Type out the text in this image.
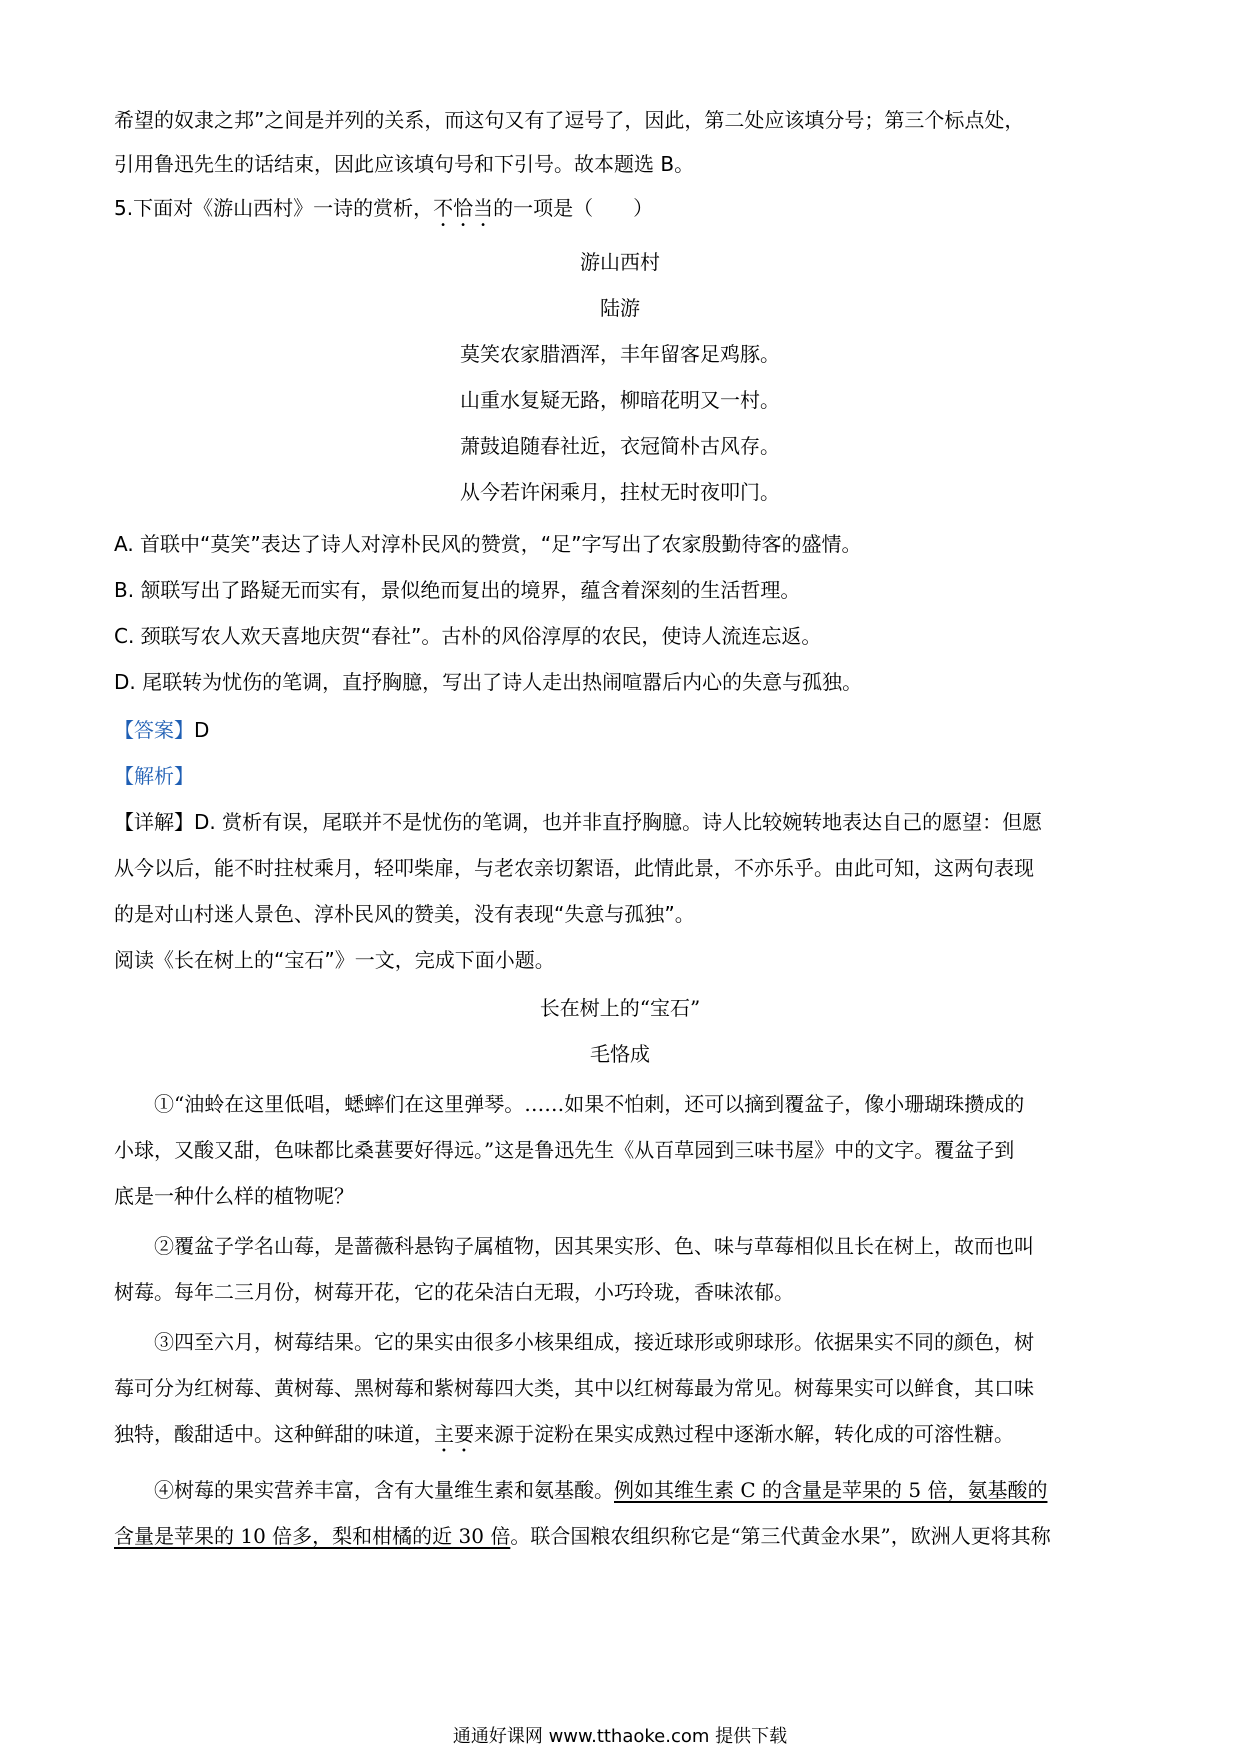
希望的奴隶之邦”之间是并列的关系，而这句又有了逗号了，因此，第二处应该填分号；第三个标点处，
引用鲁迅先生的话结束，因此应该填句号和下引号。故本题选 B。
5.下面对《游山西村》一诗的赏析，不恰当的一项是（　　）
游山西村
陆游
莫笑农家腊酒浑，丰年留客足鸡豚。
山重水复疑无路，柳暗花明又一村。
萧鼓追随春社近，衣冠简朴古风存。
从今若许闲乘月，拄杖无时夜叩门。
A. 首联中“莫笑”表达了诗人对淳朴民风的赞赏，“足”字写出了农家殷勤待客的盛情。
B. 颔联写出了路疑无而实有，景似绝而复出的境界，蕴含着深刻的生活哲理。
C. 颈联写农人欢天喜地庆贺“春社”。古朴的风俗淳厚的农民，使诗人流连忘返。
D. 尾联转为忧伤的笔调，直抒胸臆，写出了诗人走出热闹喧嚣后内心的失意与孤独。
【答案】D
【解析】
【详解】D. 赏析有误，尾联并不是忧伤的笔调，也并非直抒胸臆。诗人比较婉转地表达自己的愿望：但愿
从今以后，能不时拄杖乘月，轻叩柴扉，与老农亲切絮语，此情此景，不亦乐乎。由此可知，这两句表现
的是对山村迷人景色、淳朴民风的赞美，没有表现“失意与孤独”。
阅读《长在树上的“宝石”》一文，完成下面小题。
长在树上的“宝石”
毛恪成
①“油蛉在这里低唱，蟋蟀们在这里弹琴。……如果不怕刺，还可以摘到覆盆子，像小珊瑚珠攒成的
小球，又酸又甜，色味都比桑葚要好得远。”这是鲁迅先生《从百草园到三味书屋》中的文字。覆盆子到
底是一种什么样的植物呢？
②覆盆子学名山莓，是蔷薇科悬钩子属植物，因其果实形、色、味与草莓相似且长在树上，故而也叫
树莓。每年二三月份，树莓开花，它的花朵洁白无瑕，小巧玲珑，香味浓郁。
③四至六月，树莓结果。它的果实由很多小核果组成，接近球形或卵球形。依据果实不同的颜色，树
莓可分为红树莓、黄树莓、黑树莓和紫树莓四大类，其中以红树莓最为常见。树莓果实可以鲜食，其口味
独特，酸甜适中。这种鲜甜的味道，主要来源于淀粉在果实成熟过程中逐渐水解，转化成的可溶性糖。
④树莓的果实营养丰富，含有大量维生素和氨基酸。例如其维生素 C 的含量是苹果的 5 倍，氨基酸的
含量是苹果的 10 倍多，梨和柑橘的近 30 倍。联合国粮农组织称它是“第三代黄金水果”，欧洲人更将其称
通通好课网 www.tthaoke.com 提供下载
